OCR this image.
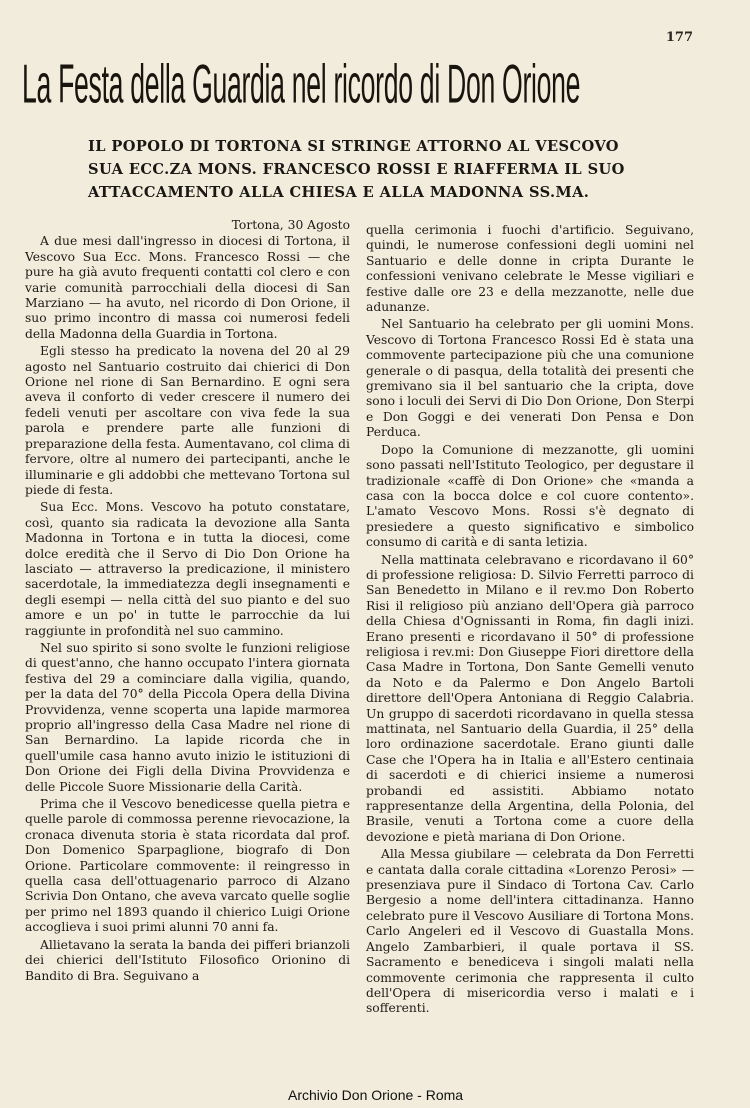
177
La Festa della Guardia nel ricordo di Don Orione
IL POPOLO DI TORTONA SI STRINGE ATTORNO AL VESCOVO
SUA ECC.ZA MONS. FRANCESCO ROSSI E RIAFFERMA IL SUO
ATTACCAMENTO ALLA CHIESA E ALLA MADONNA SS.MA.
Tortona, 30 Agosto

A due mesi dall'ingresso in diocesi di Tortona, il Vescovo Sua Ecc. Mons. Francesco Rossi — che pure ha già avuto frequenti contatti col clero e con varie comunità parrocchiali della diocesi di San Marziano — ha avuto, nel ricordo di Don Orione, il suo primo incontro di massa coi numerosi fedeli della Madonna della Guardia in Tortona.

Egli stesso ha predicato la novena del 20 al 29 agosto nel Santuario costruito dai chierici di Don Orione nel rione di San Bernardino. E ogni sera aveva il conforto di veder crescere il numero dei fedeli venuti per ascoltare con viva fede la sua parola e prendere parte alle funzioni di preparazione della festa. Aumentavano, col clima di fervore, oltre al numero dei partecipanti, anche le illuminarie e gli addobbi che mettevano Tortona sul piede di festa.

Sua Ecc. Mons. Vescovo ha potuto constatare, così, quanto sia radicata la devozione alla Santa Madonna in Tortona e in tutta la diocesi, come dolce eredità che il Servo di Dio Don Orione ha lasciato — attraverso la predicazione, il ministero sacerdotale, la immediatezza degli insegnamenti e degli esempi — nella città del suo pianto e del suo amore e un po' in tutte le parrocchie da lui raggiunte in profondità nel suo cammino.

Nel suo spirito si sono svolte le funzioni religiose di quest'anno, che hanno occupato l'intera giornata festiva del 29 a cominciare dalla vigilia, quando, per la data del 70° della Piccola Opera della Divina Provvidenza, venne scoperta una lapide marmorea proprio all'ingresso della Casa Madre nel rione di San Bernardino. La lapide ricorda che in quell'umile casa hanno avuto inizio le istituzioni di Don Orione dei Figli della Divina Provvidenza e delle Piccole Suore Missionarie della Carità.

Prima che il Vescovo benedicesse quella pietra e quelle parole di commossa perenne rievocazione, la cronaca divenuta storia è stata ricordata dal prof. Don Domenico Sparpaglione, biografo di Don Orione. Particolare commovente: il reingresso in quella casa dell'ottuagenario parroco di Alzano Scrivia Don Ontano, che aveva varcato quelle soglie per primo nel 1893 quando il chierico Luigi Orione accoglieva i suoi primi alunni 70 anni fa.

Allietavano la serata la banda dei pifferi brianzoli dei chierici dell'Istituto Filosofico Orionino di Bandito di Bra. Seguivano a

quella cerimonia i fuochi d'artificio. Seguivano, quindi, le numerose confessioni degli uomini nel Santuario e delle donne in cripta Durante le confessioni venivano celebrate le Messe vigiliari e festive dalle ore 23 e della mezzanotte, nelle due adunanze.

Nel Santuario ha celebrato per gli uomini Mons. Vescovo di Tortona Francesco Rossi Ed è stata una commovente partecipazione più che una comunione generale o di pasqua, della totalità dei presenti che gremivano sia il bel santuario che la cripta, dove sono i loculi dei Servi di Dio Don Orione, Don Sterpi e Don Goggi e dei venerati Don Pensa e Don Perduca.

Dopo la Comunione di mezzanotte, gli uomini sono passati nell'Istituto Teologico, per degustare il tradizionale «caffè di Don Orione» che «manda a casa con la bocca dolce e col cuore contento». L'amato Vescovo Mons. Rossi s'è degnato di presiedere a questo significativo e simbolico consumo di carità e di santa letizia.

Nella mattinata celebravano e ricordavano il 60° di professione religiosa: D. Silvio Ferretti parroco di San Benedetto in Milano e il rev.mo Don Roberto Risi il religioso più anziano dell'Opera già parroco della Chiesa d'Ognissanti in Roma, fin dagli inizi. Erano presenti e ricordavano il 50° di professione religiosa i rev.mi: Don Giuseppe Fiori direttore della Casa Madre in Tortona, Don Sante Gemelli venuto da Noto e da Palermo e Don Angelo Bartoli direttore dell'Opera Antoniana di Reggio Calabria. Un gruppo di sacerdoti ricordavano in quella stessa mattinata, nel Santuario della Guardia, il 25° della loro ordinazione sacerdotale. Erano giunti dalle Case che l'Opera ha in Italia e all'Estero centinaia di sacerdoti e di chierici insieme a numerosi probandi ed assistiti. Abbiamo notato rappresentanze della Argentina, della Polonia, del Brasile, venuti a Tortona come a cuore della devozione e pietà mariana di Don Orione.

Alla Messa giubilare — celebrata da Don Ferretti e cantata dalla corale cittadina «Lorenzo Perosi» — presenziava pure il Sindaco di Tortona Cav. Carlo Bergesio a nome dell'intera cittadinanza. Hanno celebrato pure il Vescovo Ausiliare di Tortona Mons. Carlo Angeleri ed il Vescovo di Guastalla Mons. Angelo Zambarbieri, il quale portava il SS. Sacramento e benediceva i singoli malati nella commovente cerimonia che rappresenta il culto dell'Opera di misericordia verso i malati e i sofferenti.

Archivio Don Orione - Roma
